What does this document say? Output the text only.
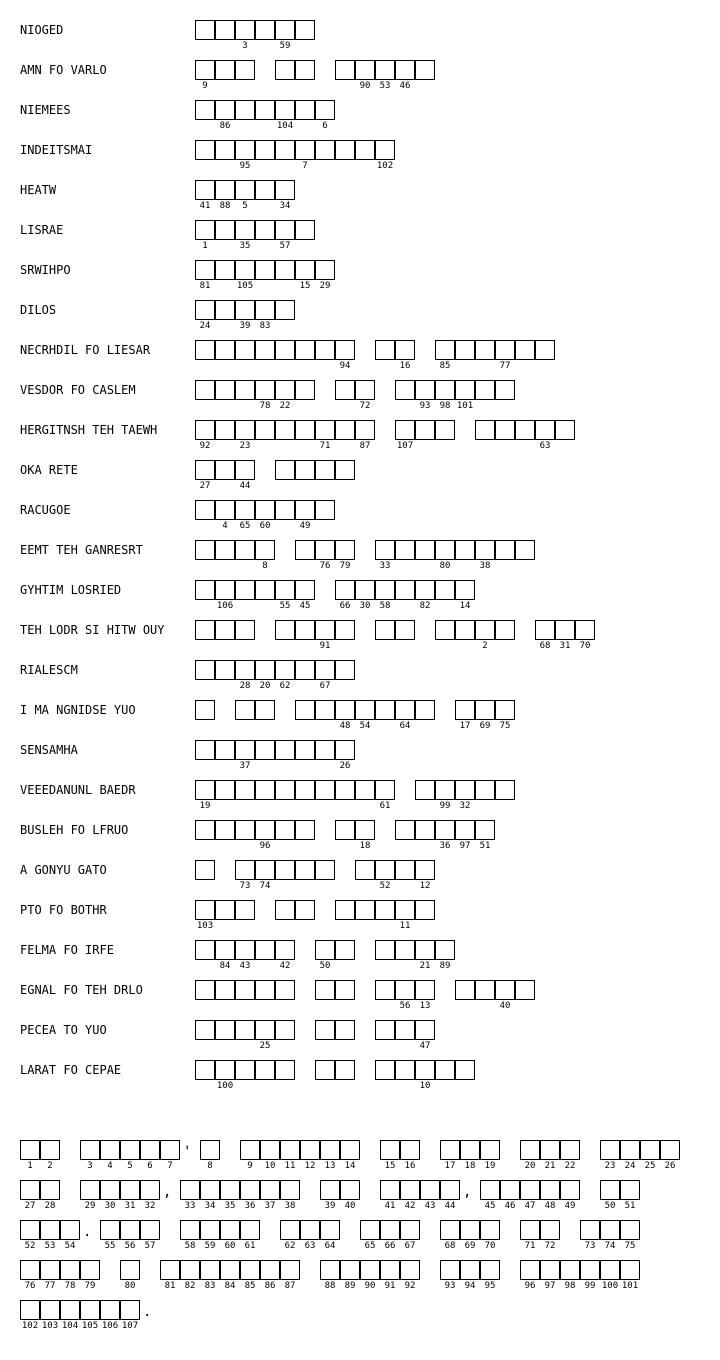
NIOGED
3	59
AMN FO VARLO
9	90	53	46
NIEMEES
86	104	6
INDEITSMAI
95	7	102
HEATW
41	88	5	34
LISRAE
1	35	57
SRWIHPO
81	105	15	29
DILOS
24	39	83
NECRHDIL FO LIESAR
94	16	85	77
VESDOR FO CASLEM
78	22	72	93	98 101
HERGITNSH TEH TAEWH
92	23	71	87	107	63
OKA RETE
27	44
RACUGOE
4	65	60	49
EEMT TEH GANRESRT
8	76	79	33	80	38
GYHTIM LOSRIED
106	55	45	66	30	58	82	14
TEH LODR SI HITW OUY
91	2	68	31	70
RIALESCM
28	20	62	67
I MA NGNIDSE YUO
48	54	64	17	69	75
SENSAMHA
37	26
VEEEDANUNL BAEDR
19	61	99	32
BUSLEH FO LFRUO
96	18	36	97	51
A GONYU GATO
73	74	52	12
PTO FO BOTHR
103	11
FELMA FO IRFE
84	43	42	50	21	89
EGNAL FO TEH DRLO
56	13	40
PECEA TO YUO
25	47
LARAT FO CEPAE
100	10
1	2	3	4	5	6	7
'
8	9	10	11	12	13	14	15	16	17	18	19	20	21	22	23	24	25	26
27	28	29	30	31	32
,
33	34	35	36	37	38	39	40	41	42	43	44
,
45	46	47	48	49	50	51
52	53	54
.
55	56	57	58	59	60	61	62	63	64	65	66	67	68	69	70	71	72	73	74	75
76	77	78	79	80	81	82	83	84	85	86	87	88	89	90	91	92	93	94	95	96	97	98	99 100 101
102 103 104 105 106 107
.
